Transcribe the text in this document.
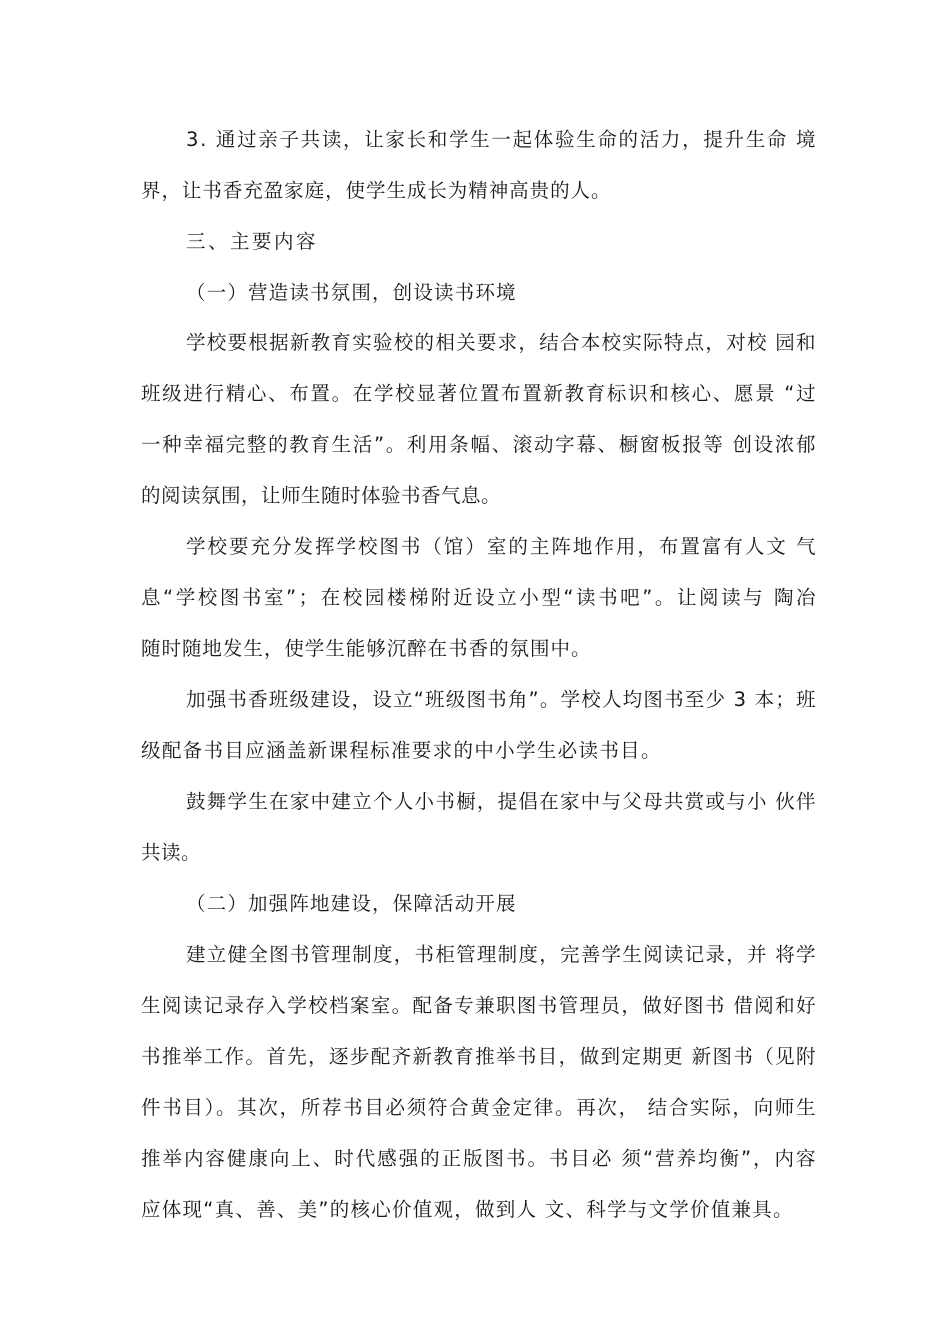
3. 通过亲子共读，让家长和学生一起体验生命的活力，提升生命 境
界，让书香充盈家庭，使学生成长为精神高贵的人。
三、主要内容
（一）营造读书氛围，创设读书环境
学校要根据新教育实验校的相关要求，结合本校实际特点，对校 园和
班级进行精心、布置。在学校显著位置布置新教育标识和核心、愿景 “过
一种幸福完整的教育生活”。利用条幅、滚动字幕、橱窗板报等 创设浓郁
的阅读氛围，让师生随时体验书香气息。
学校要充分发挥学校图书（馆）室的主阵地作用，布置富有人文 气
息“学校图书室”；在校园楼梯附近设立小型“读书吧”。让阅读与 陶冶
随时随地发生，使学生能够沉醉在书香的氛围中。
加强书香班级建设，设立“班级图书角”。学校人均图书至少 3 本；班
级配备书目应涵盖新课程标准要求的中小学生必读书目。
鼓舞学生在家中建立个人小书橱，提倡在家中与父母共赏或与小 伙伴
共读。
（二）加强阵地建设，保障活动开展
建立健全图书管理制度，书柜管理制度，完善学生阅读记录，并 将学
生阅读记录存入学校档案室。配备专兼职图书管理员，做好图书 借阅和好
书推举工作。首先，逐步配齐新教育推举书目，做到定期更 新图书（见附
件书目）。其次，所荐书目必须符合黄金定律。再次， 结合实际，向师生
推举内容健康向上、时代感强的正版图书。书目必 须“营养均衡”，内容
应体现“真、善、美”的核心价值观，做到人 文、科学与文学价值兼具。
